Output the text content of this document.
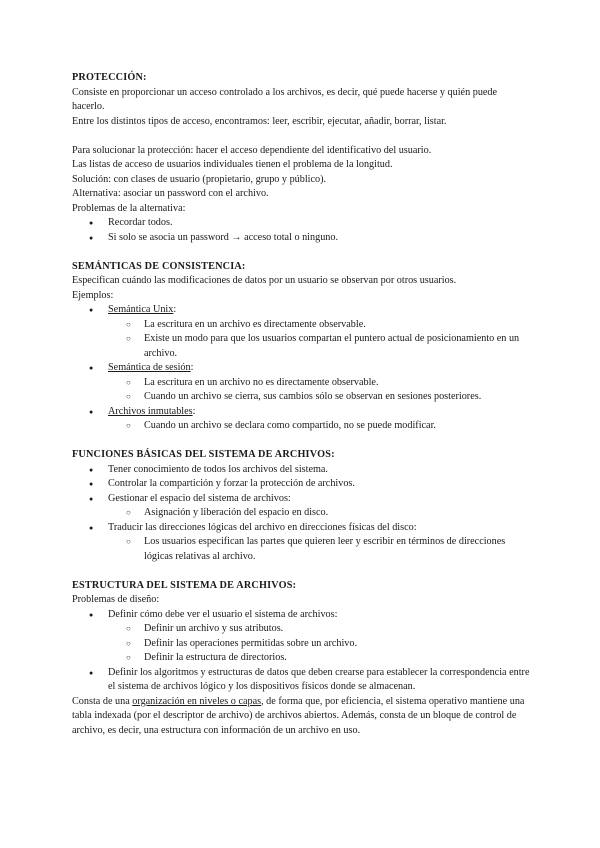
PROTECCIÓN:

Consiste en proporcionar un acceso controlado a los archivos, es decir, qué puede hacerse y quién puede hacerlo.

Entre los distintos tipos de acceso, encontramos: leer, escribir, ejecutar, añadir, borrar, listar.

Para solucionar la protección: hacer el acceso dependiente del identificativo del usuario.

Las listas de acceso de usuarios individuales tienen el problema de la longitud.

Solución: con clases de usuario (propietario, grupo y público).

Alternativa: asociar un password con el archivo.

Problemas de la alternativa:

● Recordar todos.
● Si solo se asocia un password → acceso total o ninguno.
SEMÁNTICAS DE CONSISTENCIA:

Especifican cuándo las modificaciones de datos por un usuario se observan por otros usuarios.

Ejemplos:

● Semántica Unix:
○ La escritura en un archivo es directamente observable.
○ Existe un modo para que los usuarios compartan el puntero actual de posicionamiento en un archivo.
● Semántica de sesión:
○ La escritura en un archivo no es directamente observable.
○ Cuando un archivo se cierra, sus cambios sólo se observan en sesiones posteriores.
● Archivos inmutables:
○ Cuando un archivo se declara como compartido, no se puede modificar.
FUNCIONES BÁSICAS DEL SISTEMA DE ARCHIVOS:
● Tener conocimiento de todos los archivos del sistema.
● Controlar la compartición y forzar la protección de archivos.
● Gestionar el espacio del sistema de archivos:
○ Asignación y liberación del espacio en disco.
● Traducir las direcciones lógicas del archivo en direcciones físicas del disco:
○ Los usuarios especifican las partes que quieren leer y escribir en términos de direcciones lógicas relativas al archivo.
ESTRUCTURA DEL SISTEMA DE ARCHIVOS:

Problemas de diseño:

● Definir cómo debe ver el usuario el sistema de archivos:
○ Definir un archivo y sus atributos.
○ Definir las operaciones permitidas sobre un archivo.
○ Definir la estructura de directorios.
● Definir los algoritmos y estructuras de datos que deben crearse para establecer la correspondencia entre el sistema de archivos lógico y los dispositivos físicos donde se almacenan.

Consta de una organización en niveles o capas, de forma que, por eficiencia, el sistema operativo mantiene una tabla indexada (por el descriptor de archivo) de archivos abiertos. Además, consta de un bloque de control de archivo, es decir, una estructura con información de un archivo en uso.
